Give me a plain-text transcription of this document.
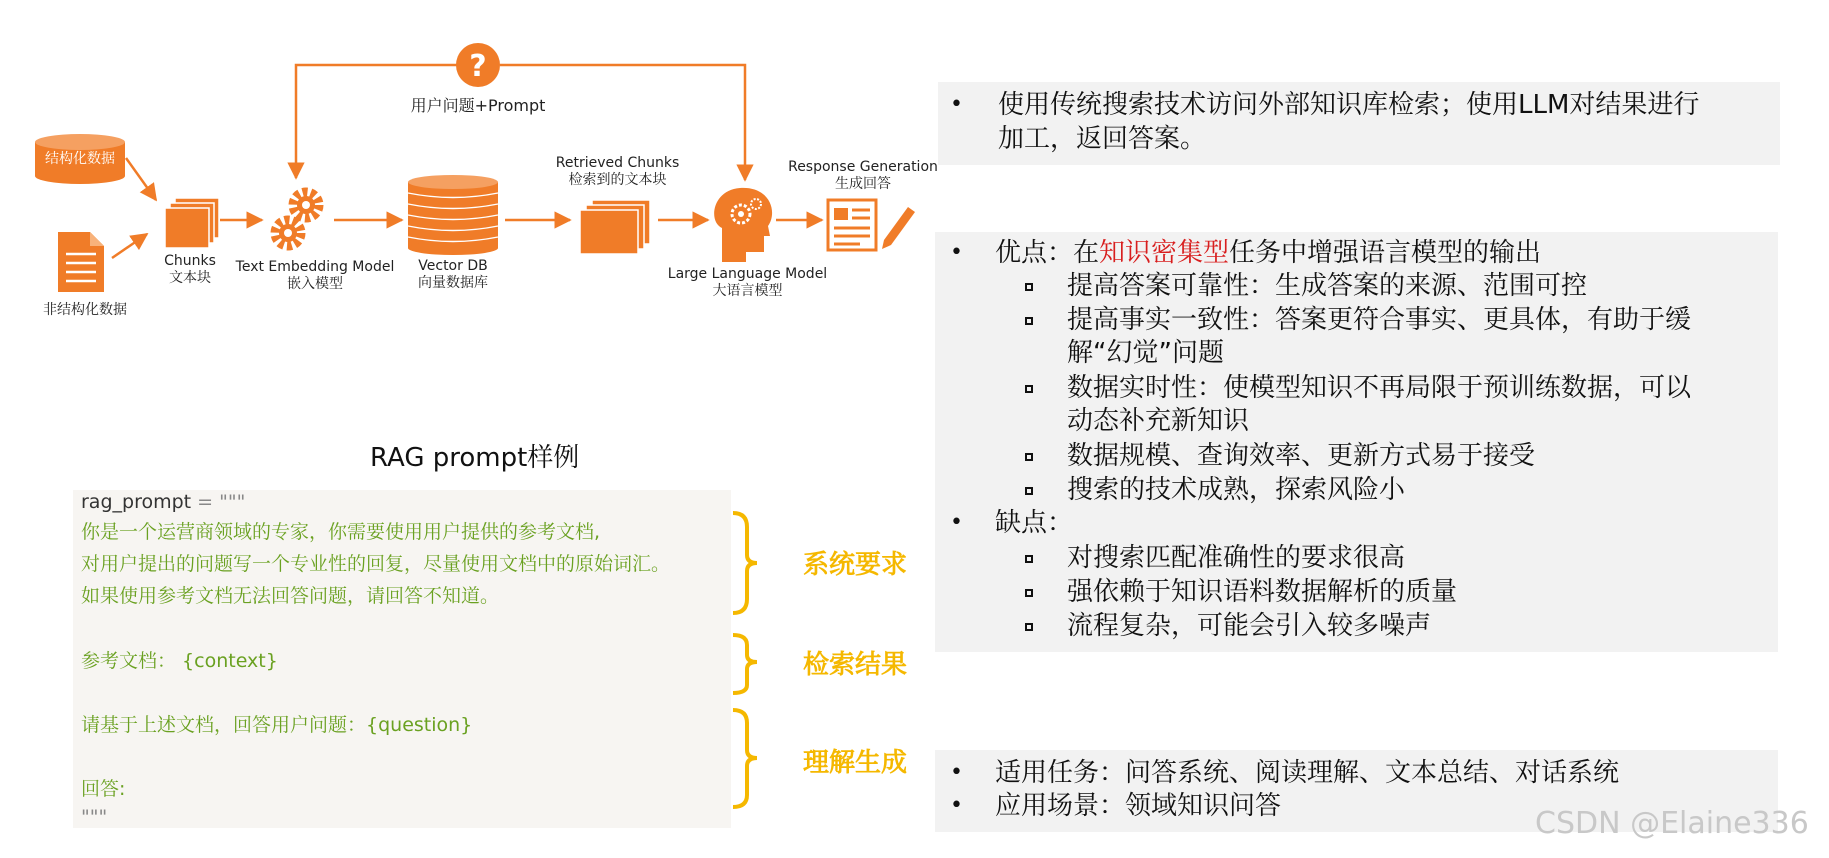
?
结构化数据
非结构化数据
用户问题+Prompt
Chunks
文本块
Text Embedding Model
嵌入模型
Vector DB
向量数据库
Retrieved Chunks
检索到的文本块
Large Language Model
大语言模型
Response Generation
生成回答
RAG prompt样例
rag_prompt = """
你是一个运营商领域的专家，你需要使用用户提供的参考文档,
对用户提出的问题写一个专业性的回复，尽量使用文档中的原始词汇。
如果使用参考文档无法回答问题，请回答不知道。
参考文档： {context}
请基于上述文档，回答用户问题：{question}
回答:
"""
系统要求
检索结果
理解生成
• 使用传统搜索技术访问外部知识库检索；使用LLM对结果进行
加工，返回答案。
• 优点：在知识密集型任务中增强语言模型的输出
提高答案可靠性：生成答案的来源、范围可控
提高事实一致性：答案更符合事实、更具体，有助于缓
解“幻觉”问题
数据实时性：使模型知识不再局限于预训练数据，可以
动态补充新知识
数据规模、查询效率、更新方式易于接受
搜索的技术成熟，探索风险小
• 缺点：
对搜索匹配准确性的要求很高
强依赖于知识语料数据解析的质量
流程复杂，可能会引入较多噪声
• 适用任务：问答系统、阅读理解、文本总结、对话系统
• 应用场景：领域知识问答	CSDN @Elaine336
